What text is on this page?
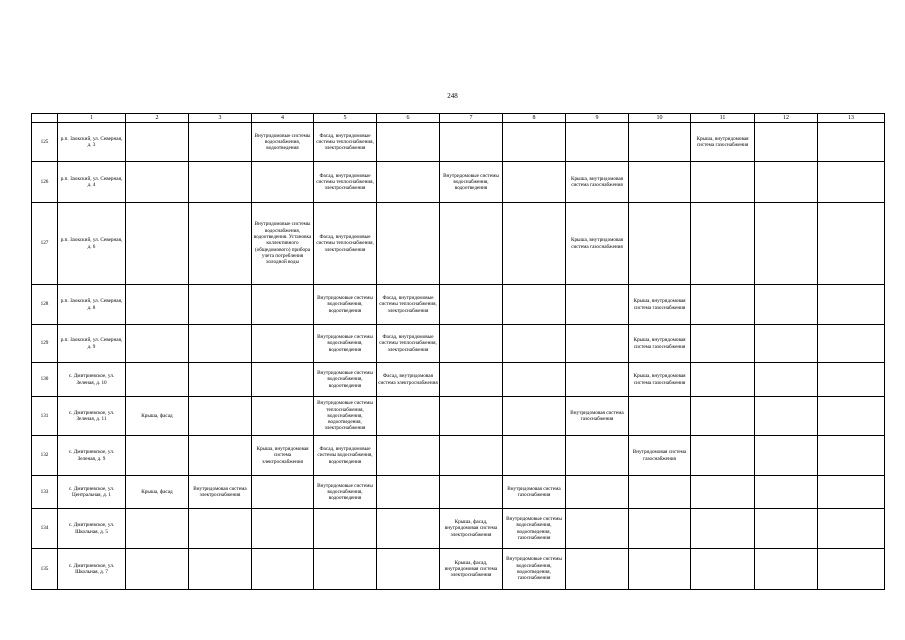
248
	1	2	3	4	5	6	7	8	9	10	11	12	13
125	р.п. Заокский, ул. Северная, д. 3			Внутридомовые системы водоснабжения, водоотведения	Фасад, внутридомовые системы теплоснабжения, электроснабжения						Крыша, внутридомовая система газоснабжения		
126	р.п. Заокский, ул. Северная, д. 4				Фасад, внутридомовые системы теплоснабжения, электроснабжения		Внутридомовые системы водоснабжения, водоотведения		Крыша, внутридомовая система газоснабжения				
127	р.п. Заокский, ул. Северная, д. 6			Внутридомовые системы водоснабжения, водоотведения. Установка коллективного (общедомового) прибора учета потребления холодной воды	Фасад, внутридомовые системы теплоснабжения, электроснабжения				Крыша, внутридомовая система газоснабжения				
128	р.п. Заокский, ул. Северная, д. 8				Внутридомовые системы водоснабжения, водоотведения	Фасад, внутридомовые системы теплоснабжения, электроснабжения				Крыша, внутридомовая система газоснабжения			
129	р.п. Заокский, ул. Северная, д. 9				Внутридомовые системы водоснабжения, водоотведения	Фасад, внутридомовые системы теплоснабжения, электроснабжения				Крыша, внутридомовая система газоснабжения			
130	с. Дмитриевское, ул. Зеленая, д. 10				Внутридомовые системы водоснабжения, водоотведения	Фасад, внутридомовая система электроснабжения				Крыша, внутридомовая система газоснабжения			
131	с. Дмитриевское, ул. Зеленая, д. 11	Крыша, фасад			Внутридомовые системы теплоснабжения, водоснабжения, водоотведения, электроснабжения				Внутридомовая система газоснабжения				
132	с. Дмитриевское, ул. Зеленая, д. 9			Крыша, внутридомовая система электроснабжения	Фасад, внутридомовые системы водоснабжения, водоотведения					Внутридомовая система газоснабжения			
133	с. Дмитриевское, ул. Центральная, д. 1	Крыша, фасад	Внутридомовая система электроснабжения		Внутридомовые системы водоснабжения, водоотведения			Внутридомовая система газоснабжения					
134	с. Дмитриевское, ул. Школьная, д. 5						Крыша, фасад, внутридомовая система электроснабжения	Внутридомовые системы водоснабжения, водоотведения, газоснабжения					
135	с. Дмитриевское, ул. Школьная, д. 7						Крыша, фасад, внутридомовая система электроснабжения	Внутридомовые системы водоснабжения, водоотведения, газоснабжения					
